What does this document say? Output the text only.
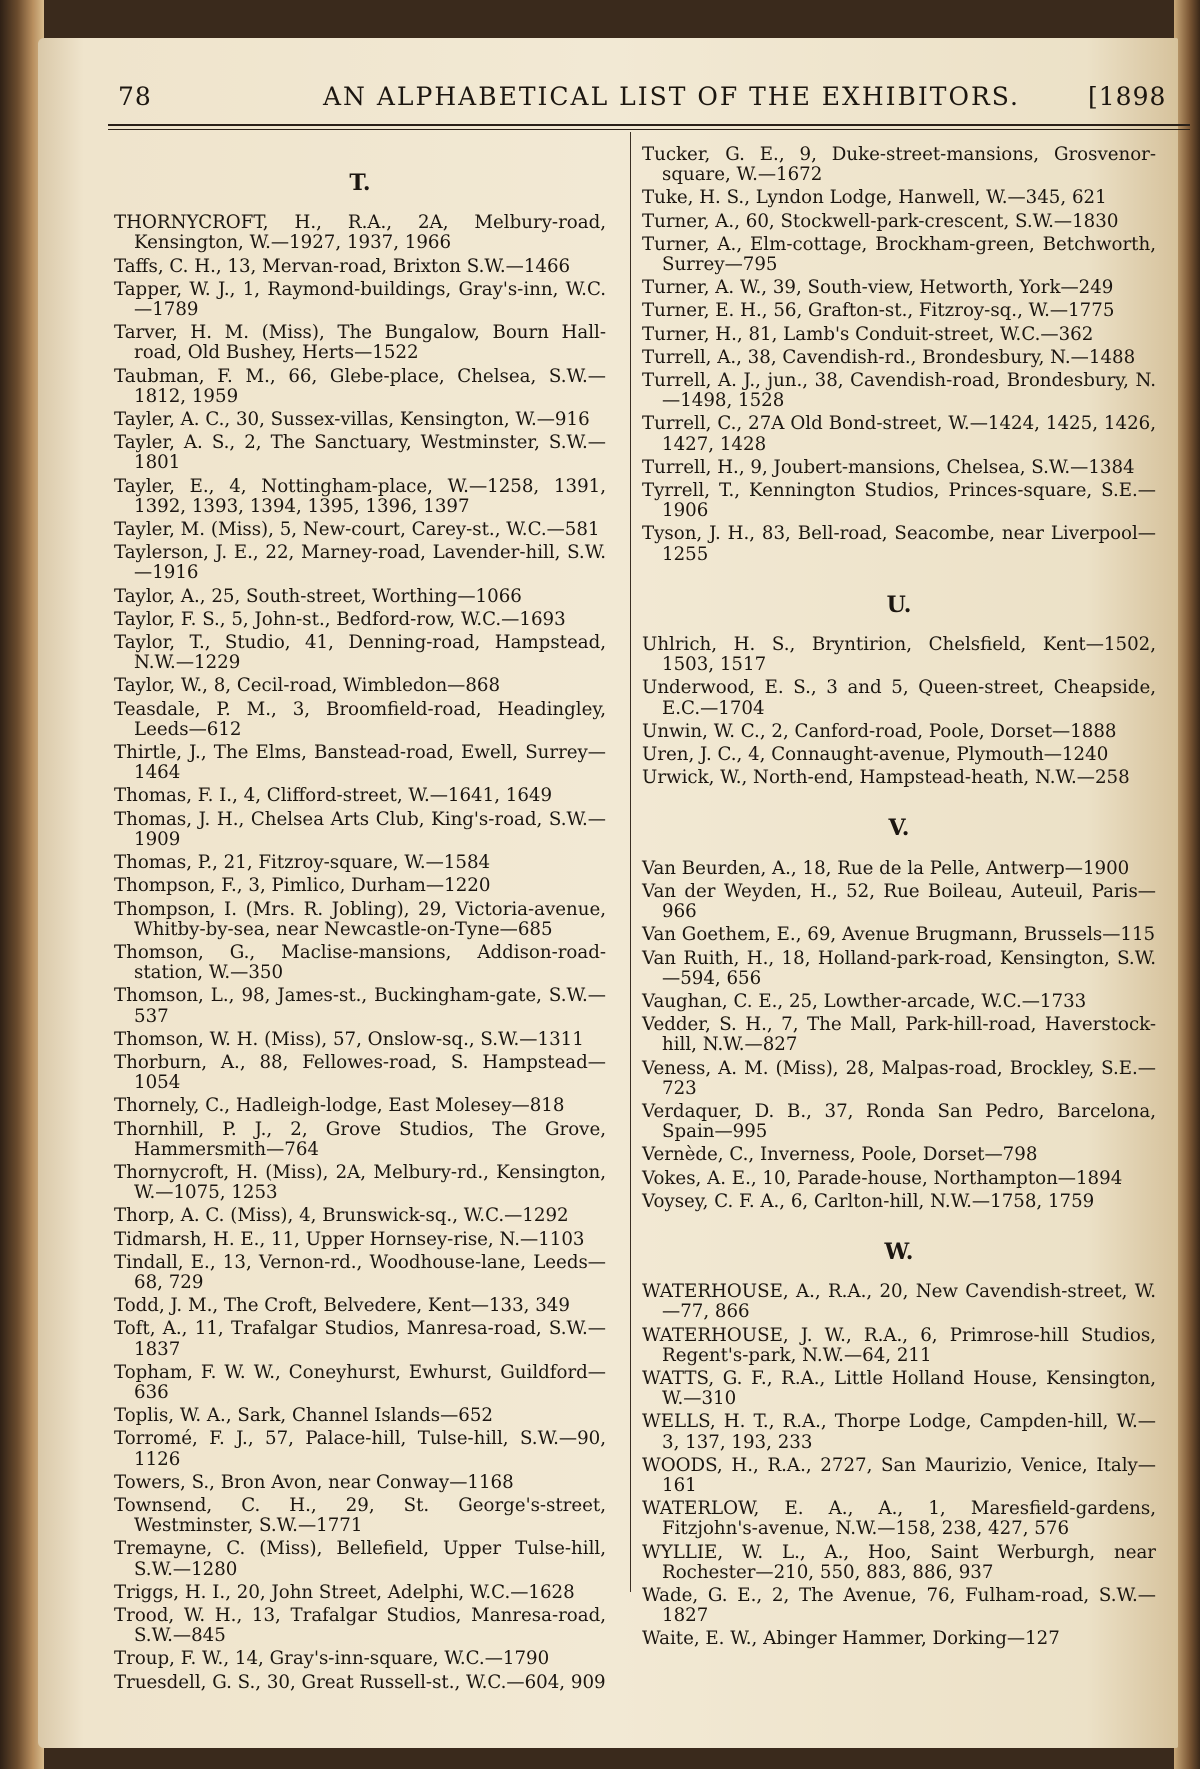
78	AN ALPHABETICAL LIST OF THE EXHIBITORS.	[1898
T.
THORNYCROFT, H., R.A., 2A, Melbury-road, Kensington, W.—1927, 1937, 1966
Taffs, C. H., 13, Mervan-road, Brixton S.W.—1466
Tapper, W. J., 1, Raymond-buildings, Gray's-inn, W.C.—1789
Tarver, H. M. (Miss), The Bungalow, Bourn Hall-road, Old Bushey, Herts—1522
Taubman, F. M., 66, Glebe-place, Chelsea, S.W.—1812, 1959
Tayler, A. C., 30, Sussex-villas, Kensington, W.—916
Tayler, A. S., 2, The Sanctuary, Westminster, S.W.—1801
Tayler, E., 4, Nottingham-place, W.—1258, 1391, 1392, 1393, 1394, 1395, 1396, 1397
Tayler, M. (Miss), 5, New-court, Carey-st., W.C.—581
Taylerson, J. E., 22, Marney-road, Lavender-hill, S.W.—1916
Taylor, A., 25, South-street, Worthing—1066
Taylor, F. S., 5, John-st., Bedford-row, W.C.—1693
Taylor, T., Studio, 41, Denning-road, Hampstead, N.W.—1229
Taylor, W., 8, Cecil-road, Wimbledon—868
Teasdale, P. M., 3, Broomfield-road, Headingley, Leeds—612
Thirtle, J., The Elms, Banstead-road, Ewell, Surrey—1464
Thomas, F. I., 4, Clifford-street, W.—1641, 1649
Thomas, J. H., Chelsea Arts Club, King's-road, S.W.—1909
Thomas, P., 21, Fitzroy-square, W.—1584
Thompson, F., 3, Pimlico, Durham—1220
Thompson, I. (Mrs. R. Jobling), 29, Victoria-avenue, Whitby-by-sea, near Newcastle-on-Tyne—685
Thomson, G., Maclise-mansions, Addison-road-station, W.—350
Thomson, L., 98, James-st., Buckingham-gate, S.W.—537
Thomson, W. H. (Miss), 57, Onslow-sq., S.W.—1311
Thorburn, A., 88, Fellowes-road, S. Hampstead—1054
Thornely, C., Hadleigh-lodge, East Molesey—818
Thornhill, P. J., 2, Grove Studios, The Grove, Hammersmith—764
Thornycroft, H. (Miss), 2A, Melbury-rd., Kensington, W.—1075, 1253
Thorp, A. C. (Miss), 4, Brunswick-sq., W.C.—1292
Tidmarsh, H. E., 11, Upper Hornsey-rise, N.—1103
Tindall, E., 13, Vernon-rd., Woodhouse-lane, Leeds—68, 729
Todd, J. M., The Croft, Belvedere, Kent—133, 349
Toft, A., 11, Trafalgar Studios, Manresa-road, S.W.—1837
Topham, F. W. W., Coneyhurst, Ewhurst, Guildford—636
Toplis, W. A., Sark, Channel Islands—652
Torromé, F. J., 57, Palace-hill, Tulse-hill, S.W.—90, 1126
Towers, S., Bron Avon, near Conway—1168
Townsend, C. H., 29, St. George's-street, Westminster, S.W.—1771
Tremayne, C. (Miss), Bellefield, Upper Tulse-hill, S.W.—1280
Triggs, H. I., 20, John Street, Adelphi, W.C.—1628
Trood, W. H., 13, Trafalgar Studios, Manresa-road, S.W.—845
Troup, F. W., 14, Gray's-inn-square, W.C.—1790
Truesdell, G. S., 30, Great Russell-st., W.C.—604, 909
Tucker, G. E., 9, Duke-street-mansions, Grosvenor-square, W.—1672
Tuke, H. S., Lyndon Lodge, Hanwell, W.—345, 621
Turner, A., 60, Stockwell-park-crescent, S.W.—1830
Turner, A., Elm-cottage, Brockham-green, Betchworth, Surrey—795
Turner, A. W., 39, South-view, Hetworth, York—249
Turner, E. H., 56, Grafton-st., Fitzroy-sq., W.—1775
Turner, H., 81, Lamb's Conduit-street, W.C.—362
Turrell, A., 38, Cavendish-rd., Brondesbury, N.—1488
Turrell, A. J., jun., 38, Cavendish-road, Brondesbury, N.—1498, 1528
Turrell, C., 27A Old Bond-street, W.—1424, 1425, 1426, 1427, 1428
Turrell, H., 9, Joubert-mansions, Chelsea, S.W.—1384
Tyrrell, T., Kennington Studios, Princes-square, S.E.—1906
Tyson, J. H., 83, Bell-road, Seacombe, near Liverpool—1255
U.
Uhlrich, H. S., Bryntirion, Chelsfield, Kent—1502, 1503, 1517
Underwood, E. S., 3 and 5, Queen-street, Cheapside, E.C.—1704
Unwin, W. C., 2, Canford-road, Poole, Dorset—1888
Uren, J. C., 4, Connaught-avenue, Plymouth—1240
Urwick, W., North-end, Hampstead-heath, N.W.—258
V.
Van Beurden, A., 18, Rue de la Pelle, Antwerp—1900
Van der Weyden, H., 52, Rue Boileau, Auteuil, Paris—966
Van Goethem, E., 69, Avenue Brugmann, Brussels—115
Van Ruith, H., 18, Holland-park-road, Kensington, S.W.—594, 656
Vaughan, C. E., 25, Lowther-arcade, W.C.—1733
Vedder, S. H., 7, The Mall, Park-hill-road, Haverstock-hill, N.W.—827
Veness, A. M. (Miss), 28, Malpas-road, Brockley, S.E.—723
Verdaquer, D. B., 37, Ronda San Pedro, Barcelona, Spain—995
Vernède, C., Inverness, Poole, Dorset—798
Vokes, A. E., 10, Parade-house, Northampton—1894
Voysey, C. F. A., 6, Carlton-hill, N.W.—1758, 1759
W.
WATERHOUSE, A., R.A., 20, New Cavendish-street, W.—77, 866
WATERHOUSE, J. W., R.A., 6, Primrose-hill Studios, Regent's-park, N.W.—64, 211
WATTS, G. F., R.A., Little Holland House, Kensington, W.—310
WELLS, H. T., R.A., Thorpe Lodge, Campden-hill, W.—3, 137, 193, 233
WOODS, H., R.A., 2727, San Maurizio, Venice, Italy—161
WATERLOW, E. A., A., 1, Maresfield-gardens, Fitzjohn's-avenue, N.W.—158, 238, 427, 576
WYLLIE, W. L., A., Hoo, Saint Werburgh, near Rochester—210, 550, 883, 886, 937
Wade, G. E., 2, The Avenue, 76, Fulham-road, S.W.—1827
Waite, E. W., Abinger Hammer, Dorking—127
